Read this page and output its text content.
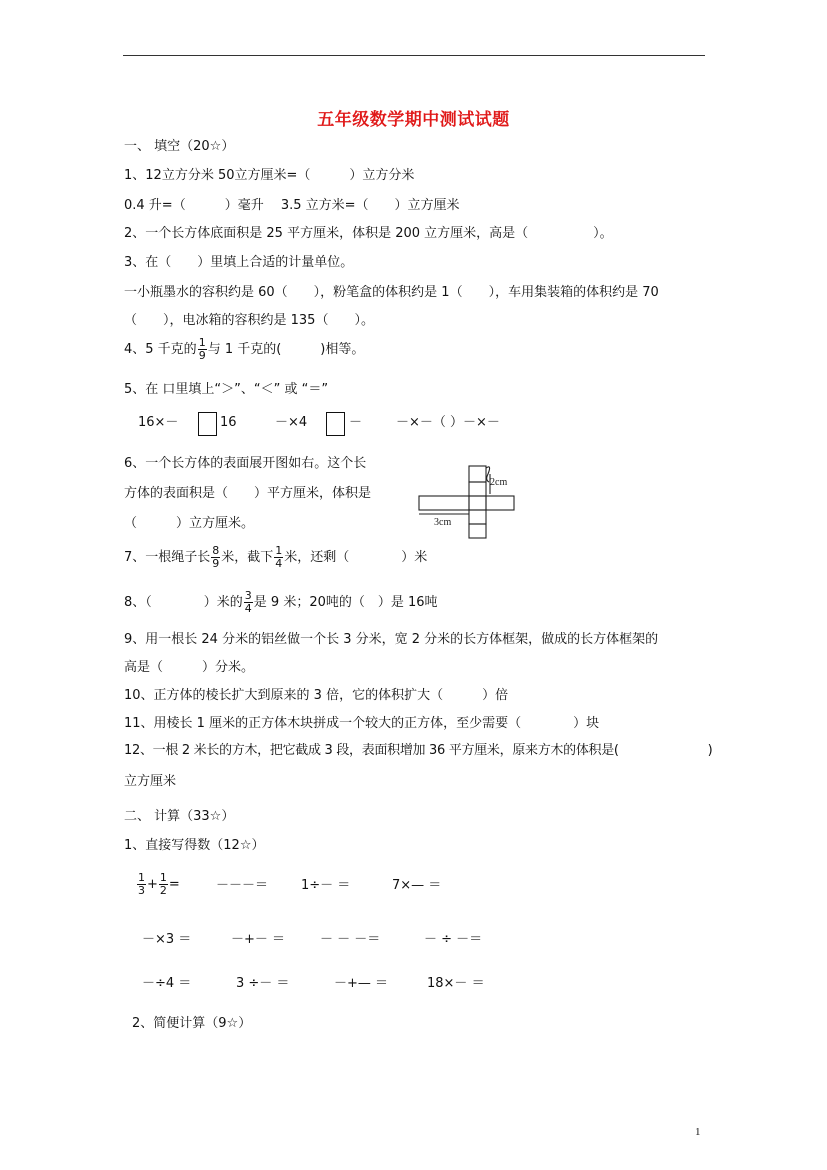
五年级数学期中测试试题
一、 填空（20☆）
1、12立方分米 50立方厘米=（　　　）立方分米
0.4 升=（　　　）毫升　 3.5 立方米=（　　）立方厘米
2、一个长方体底面积是 25 平方厘米，体积是 200 立方厘米，高是（　　　　　）。
3、在（　　）里填上合适的计量单位。
一小瓶墨水的容积约是 60（　　），粉笔盒的体积约是 1（　　），车用集装箱的体积约是 70
（　　），电冰箱的容积约是 135（　　）。
4、5 千克的 $\frac{1}{9}$ 与 1 千克的(　　　)相等。
5、在 口里填上“＞”、“＜” 或 “＝”
16×－	16	－×4	－	－×－（ ）－×－
6、一个长方体的表面展开图如右。这个长
方体的表面积是（　　）平方厘米，体积是
（　　　）立方厘米。
2cm
3cm
7、一根绳子长 $\frac{8}{9}$ 米，截下 $\frac{1}{4}$ 米，还剩（　　　　）米
8、（　　　　）米的 $\frac{3}{4}$ 是 9 米；20吨的（　）是 16吨
9、用一根长 24 分米的铝丝做一个长 3 分米，宽 2 分米的长方体框架，做成的长方体框架的
高是（　　　）分米。
10、正方体的棱长扩大到原来的 3 倍，它的体积扩大（　　　）倍
11、用棱长 1 厘米的正方体木块拼成一个较大的正方体，至少需要（　　　　）块
12、一根 2 米长的方木，把它截成 3 段，表面积增加 36 平方厘米，原来方木的体积是(　　　　　　　)
立方厘米
二、 计算（33☆）
1、直接写得数（12☆）
$\frac{1}{3} + \frac{1}{2}$ =	－－－＝	1÷－ ＝	7×— ＝
－×3 ＝	－+－ ＝	－ － －＝	－ ÷ －＝
－÷4 ＝	3 ÷－ ＝	－+— ＝	18×－ ＝
2、简便计算（9☆）
1
